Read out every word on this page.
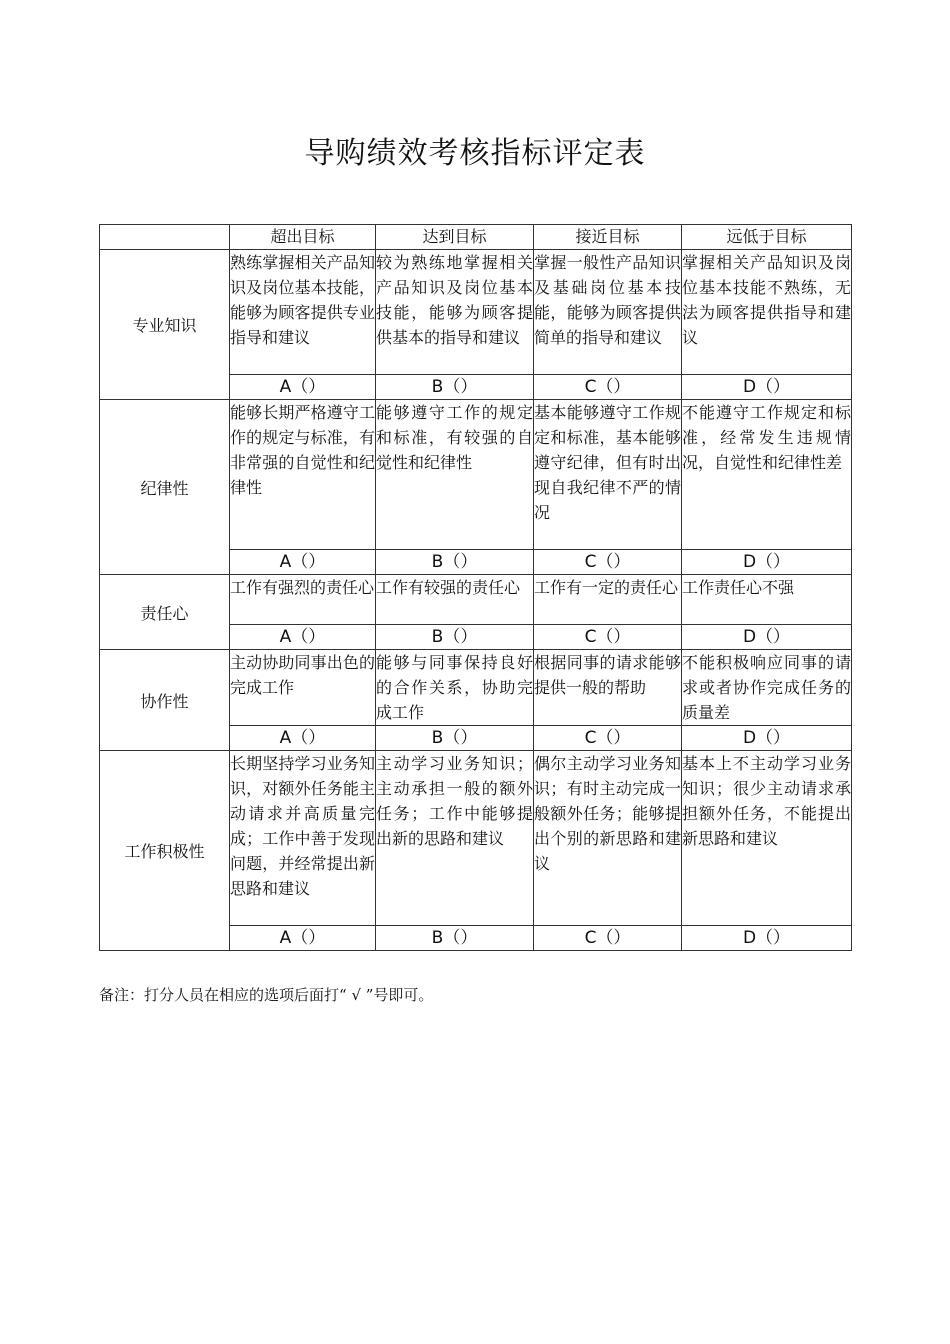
导购绩效考核指标评定表
	超出目标	达到目标	接近目标	远低于目标
专业知识	熟练掌握相关产品知识及岗位基本技能，能够为顾客提供专业指导和建议	较为熟练地掌握相关产品知识及岗位基本技能，能够为顾客提供基本的指导和建议	掌握一般性产品知识及基础岗位基本技能，能够为顾客提供简单的指导和建议	掌握相关产品知识及岗位基本技能不熟练，无法为顾客提供指导和建议
	A（）	B（）	C（）	D（）
纪律性	能够长期严格遵守工作的规定与标准，有非常强的自觉性和纪律性	能够遵守工作的规定和标准，有较强的自觉性和纪律性	基本能够遵守工作规定和标准，基本能够遵守纪律，但有时出现自我纪律不严的情况	不能遵守工作规定和标准，经常发生违规情况，自觉性和纪律性差
	A（）	B（）	C（）	D（）
责任心	工作有强烈的责任心	工作有较强的责任心	工作有一定的责任心	工作责任心不强
	A（）	B（）	C（）	D（）
协作性	主动协助同事出色的完成工作	能够与同事保持良好的合作关系，协助完成工作	根据同事的请求能够提供一般的帮助	不能积极响应同事的请求或者协作完成任务的质量差
	A（）	B（）	C（）	D（）
工作积极性	长期坚持学习业务知识，对额外任务能主动请求并高质量完成；工作中善于发现问题，并经常提出新思路和建议	主动学习业务知识；主动承担一般的额外任务；工作中能够提出新的思路和建议	偶尔主动学习业务知识；有时主动完成一般额外任务；能够提出个别的新思路和建议	基本上不主动学习业务知识；很少主动请求承担额外任务，不能提出新思路和建议
	A（）	B（）	C（）	D（）
备注：打分人员在相应的选项后面打“ √ ”号即可。
